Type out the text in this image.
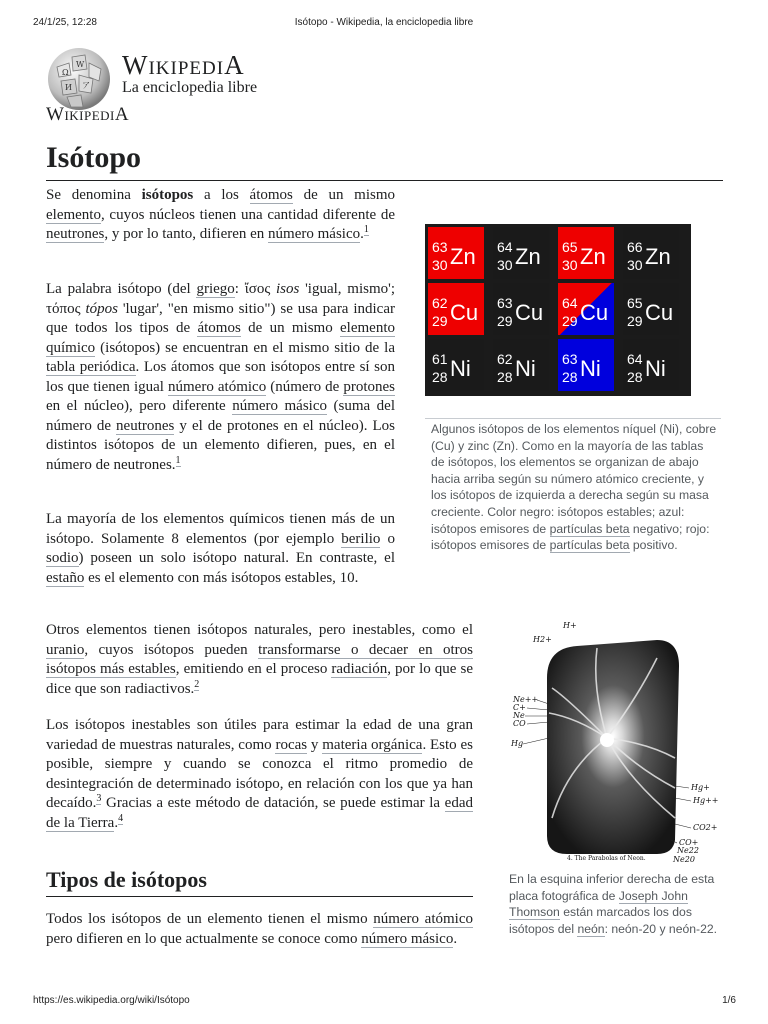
24/1/25, 12:28	Isótopo - Wikipedia, la enciclopedia libre
Ω
W
И ア
WikipediA
La enciclopedia libre
WikipediA
Isótopo

Se denomina isótopos a los átomos de un mismo elemento, cuyos núcleos tienen una cantidad diferente de neutrones, y por lo tanto, difieren en número másico.$^1$

La palabra isótopo (del griego: ἴσος isos 'igual, mismo'; τόπος tópos 'lugar', "en mismo sitio") se usa para indicar que todos los tipos de átomos de un mismo elemento químico (isótopos) se encuentran en el mismo sitio de la tabla periódica. Los átomos que son isótopos entre sí son los que tienen igual número atómico (número de protones en el núcleo), pero diferente número másico (suma del número de neutrones y el de protones en el núcleo). Los distintos isótopos de un elemento difieren, pues, en el número de neutrones.$^1$

La mayoría de los elementos químicos tienen más de un isótopo. Solamente 8 elementos (por ejemplo berilio o sodio) poseen un solo isótopo natural. En contraste, el estaño es el elemento con más isótopos estables, 10.

Otros elementos tienen isótopos naturales, pero inestables, como el uranio, cuyos isótopos pueden transformarse o decaer en otros isótopos más estables, emitiendo en el proceso radiación, por lo que se dice que son radiactivos.$^2$

Los isótopos inestables son útiles para estimar la edad de una gran variedad de muestras naturales, como rocas y materia orgánica. Esto es posible, siempre y cuando se conozca el ritmo promedio de desintegración de determinado isótopo, en relación con los que ya han decaído.$^3$ Gracias a este método de datación, se puede estimar la edad de la Tierra.$^4$

Tipos de isótopos

Todos los isótopos de un elemento tienen el mismo número atómico pero difieren en lo que actualmente se conoce como número másico.

63
30 Zn 64
30 Zn 65
30 Zn 66
30 Zn
62
29 Cu 63
29 Cu 64
29 Cu 65
29 Cu
61
28 Ni 62
28 Ni 63
28 Ni 64
28 Ni
Algunos isótopos de los elementos níquel (Ni), cobre (Cu) y zinc (Zn). Como en la mayoría de las tablas de isótopos, los elementos se organizan de abajo hacia arriba según su número atómico creciente, y los isótopos de izquierda a derecha según su masa creciente. Color negro: isótopos estables; azul: isótopos emisores de partículas beta negativo; rojo: isótopos emisores de partículas beta positivo.
H+
H2+
Ne++
C+
Ne
CO
Hg
Hg+
Hg++
CO2+
CO+
Ne22
Ne20
4. The Parabolas of Neon.
En la esquina inferior derecha de esta placa fotográfica de Joseph John Thomson están marcados los dos isótopos del neón: neón-20 y neón-22.
https://es.wikipedia.org/wiki/Isótopo	1/6
